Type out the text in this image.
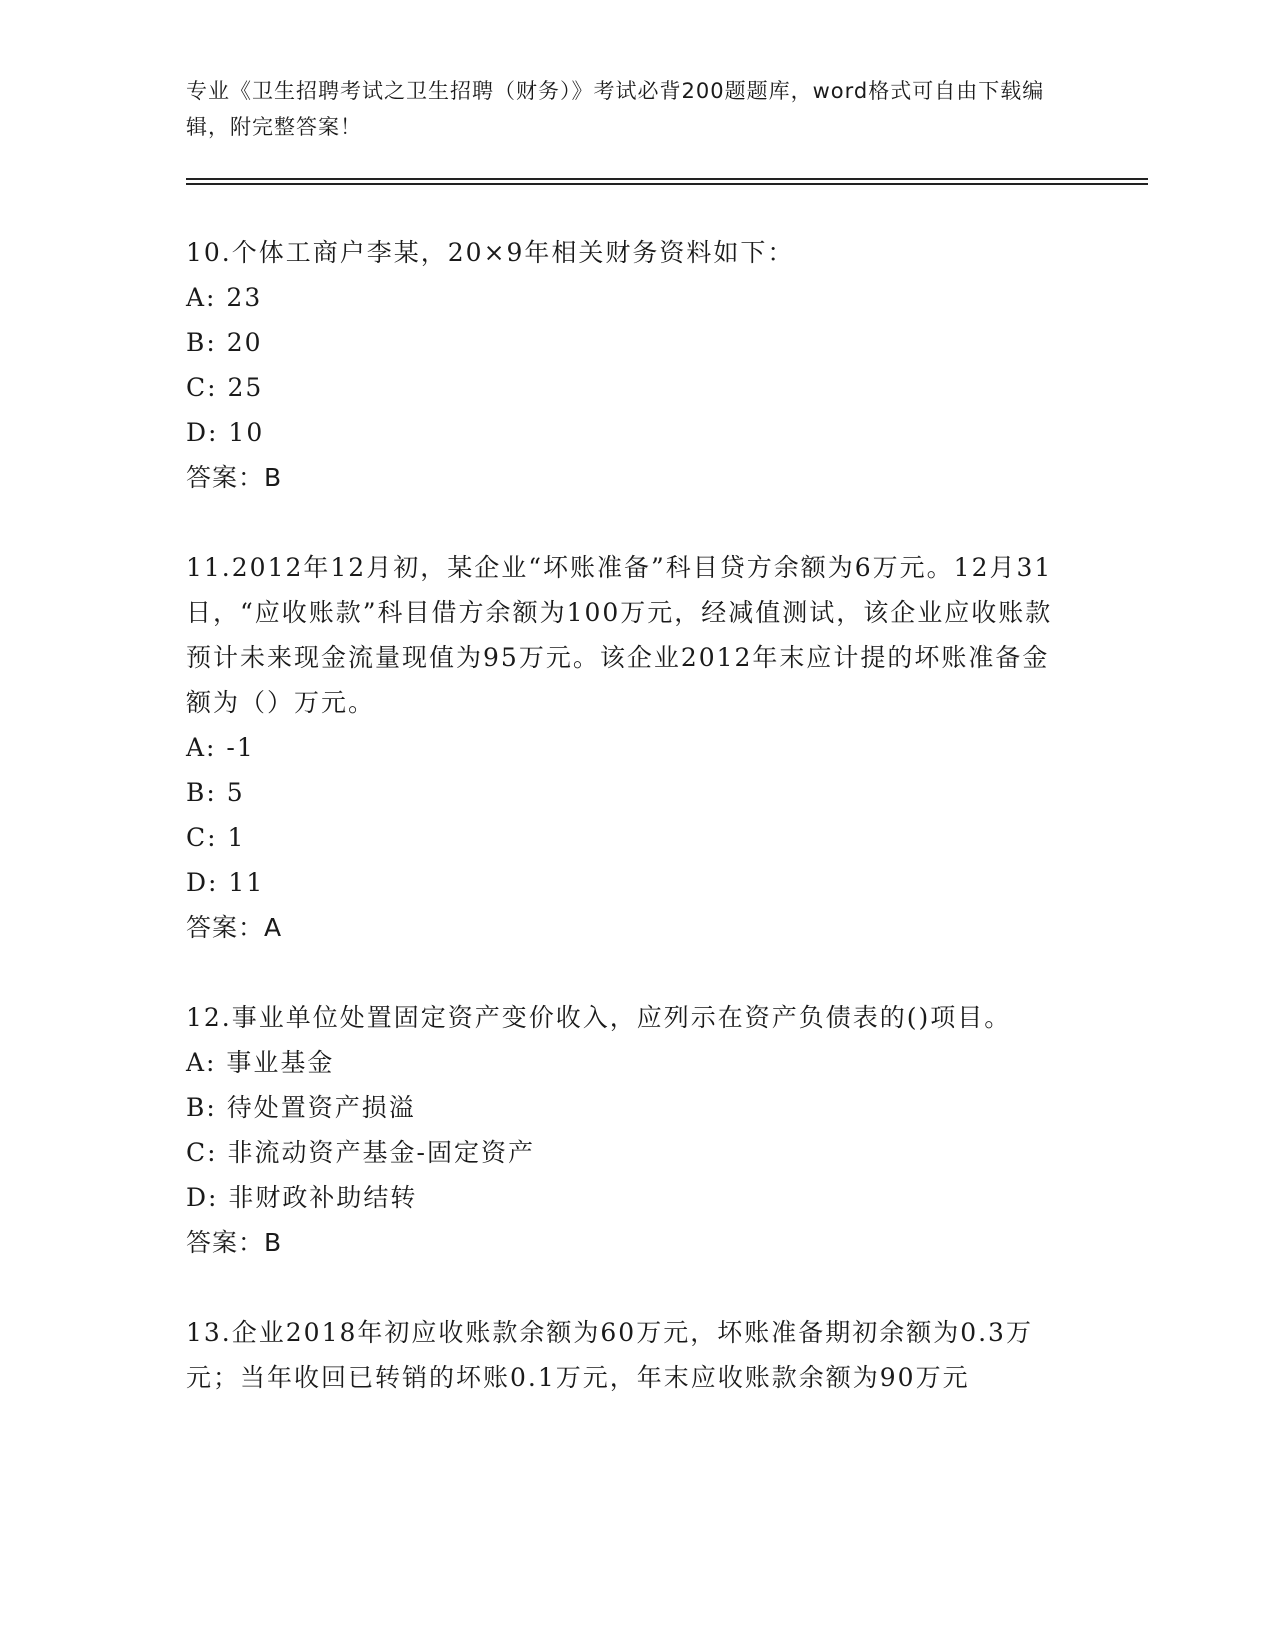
专业《卫生招聘考试之卫生招聘（财务）》考试必背200题题库，word格式可自由下载编辑，附完整答案！
10.个体工商户李某，20×9年相关财务资料如下：
A: 23
B: 20
C: 25
D: 10
答案：B
11.2012年12月初，某企业“坏账准备”科目贷方余额为6万元。12月31日，“应收账款”科目借方余额为100万元，经减值测试，该企业应收账款预计未来现金流量现值为95万元。该企业2012年末应计提的坏账准备金额为（）万元。
A: -1
B: 5
C: 1
D: 11
答案：A
12.事业单位处置固定资产变价收入，应列示在资产负债表的()项目。
A: 事业基金
B: 待处置资产损溢
C: 非流动资产基金-固定资产
D: 非财政补助结转
答案：B
13.企业2018年初应收账款余额为60万元，坏账准备期初余额为0.3万元；当年收回已转销的坏账0.1万元，年末应收账款余额为90万元
